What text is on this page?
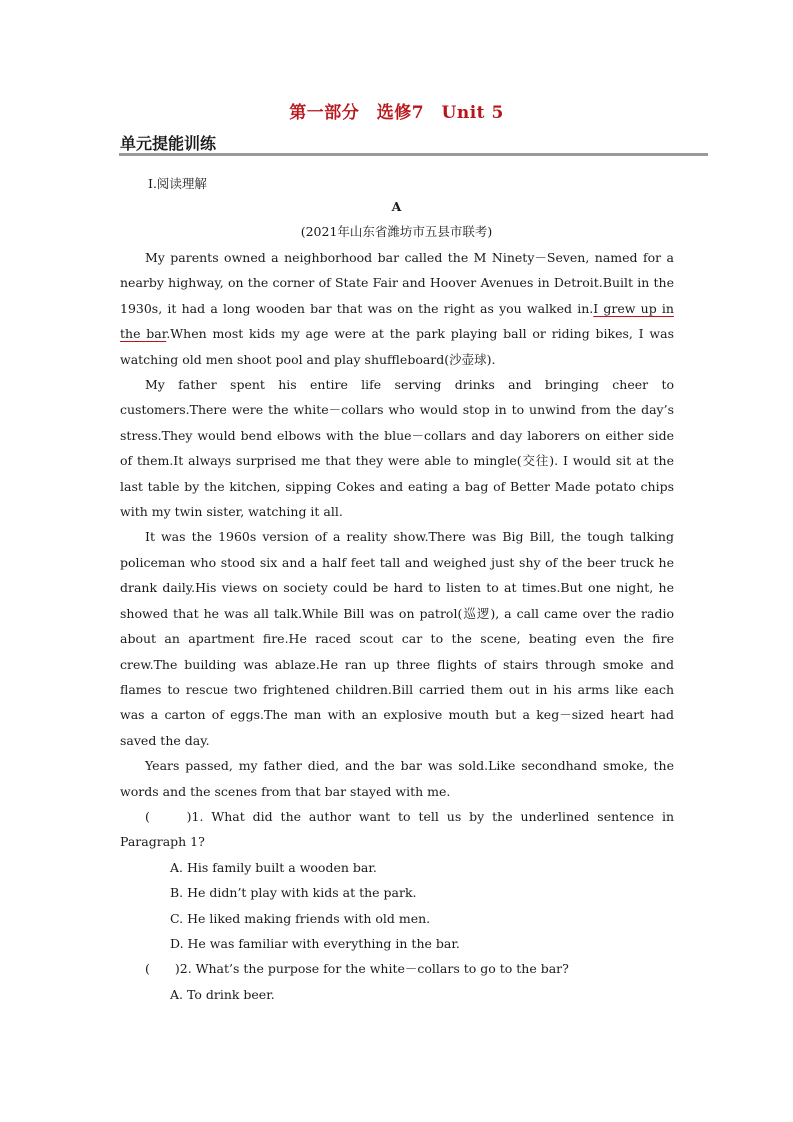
第一部分　选修7　Unit 5
单元提能训练
Ⅰ.阅读理解
A
(2021年山东省潍坊市五县市联考)

My parents owned a neighborhood bar called the M Ninety－Seven, named for a nearby highway, on the corner of State Fair and Hoover Avenues in Detroit.Built in the 1930s, it had a long wooden bar that was on the right as you walked in.I grew up in the bar.When most kids my age were at the park playing ball or riding bikes, I was watching old men shoot pool and play shuffleboard(沙壶球).

My father spent his entire life serving drinks and bringing cheer to customers.There were the white－collars who would stop in to unwind from the day’s stress.They would bend elbows with the blue－collars and day laborers on either side of them.It always surprised me that they were able to mingle(交往). I would sit at the last table by the kitchen, sipping Cokes and eating a bag of Better Made potato chips with my twin sister, watching it all.

It was the 1960s version of a reality show.There was Big Bill, the tough talking policeman who stood six and a half feet tall and weighed just shy of the beer truck he drank daily.His views on society could be hard to listen to at times.But one night, he showed that he was all talk.While Bill was on patrol(巡逻), a call came over the radio about an apartment fire.He raced scout car to the scene, beating even the fire crew.The building was ablaze.He ran up three flights of stairs through smoke and flames to rescue two frightened children.Bill carried them out in his arms like each was a carton of eggs.The man with an explosive mouth but a keg－sized heart had saved the day.

Years passed, my father died, and the bar was sold.Like secondhand smoke, the words and the scenes from that bar stayed with me.

(　　)1. What did the author want to tell us by the underlined sentence in Paragraph 1?

A. His family built a wooden bar.

B. He didn’t play with kids at the park.

C. He liked making friends with old men.

D. He was familiar with everything in the bar.

(　　)2. What’s the purpose for the white－collars to go to the bar?

A. To drink beer.
